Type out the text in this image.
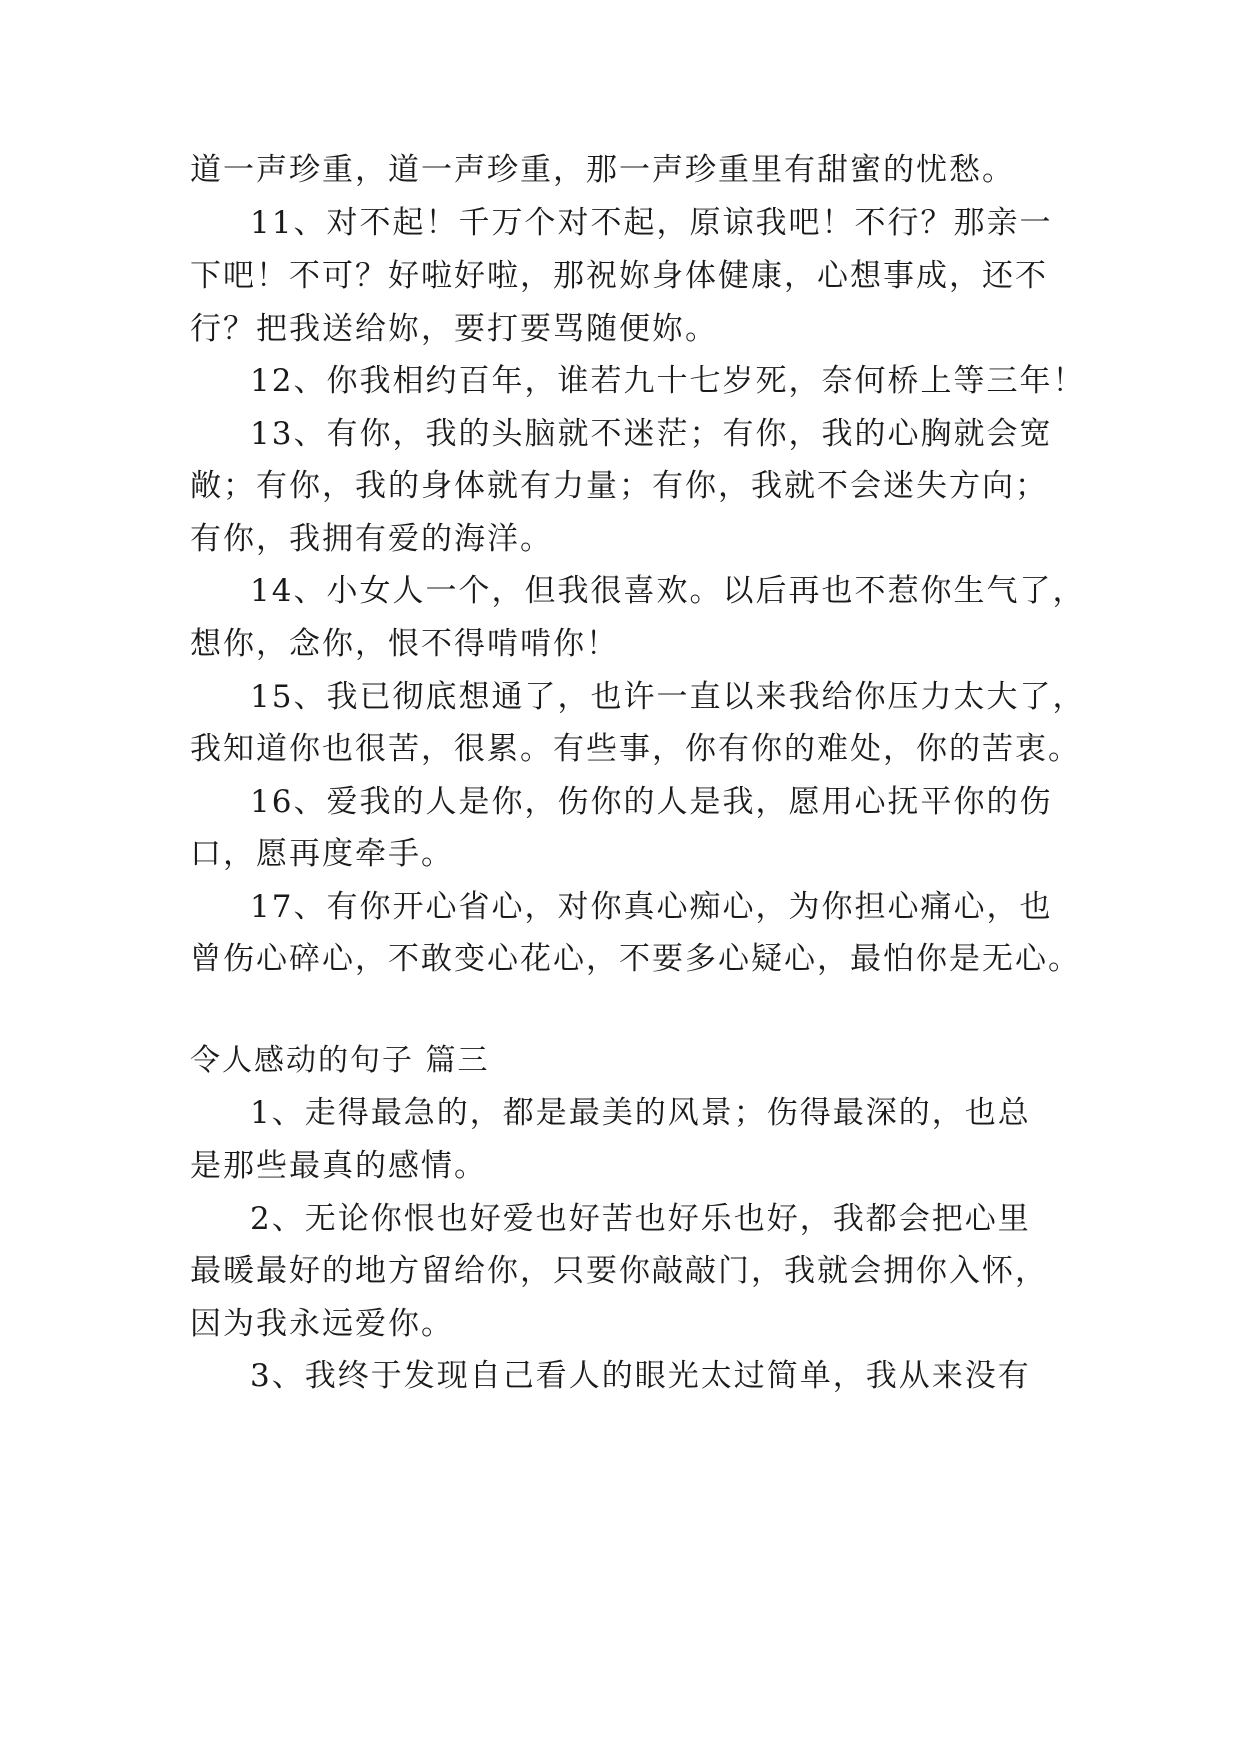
道一声珍重，道一声珍重，那一声珍重里有甜蜜的忧愁。
11、对不起！千万个对不起，原谅我吧！不行？那亲一
下吧！不可？好啦好啦，那祝妳身体健康，心想事成，还不
行？把我送给妳，要打要骂随便妳。
12、你我相约百年，谁若九十七岁死，奈何桥上等三年！
13、有你，我的头脑就不迷茫；有你，我的心胸就会宽
敞；有你，我的身体就有力量；有你，我就不会迷失方向；
有你，我拥有爱的海洋。
14、小女人一个，但我很喜欢。以后再也不惹你生气了，
想你，念你，恨不得啃啃你！
15、我已彻底想通了，也许一直以来我给你压力太大了，
我知道你也很苦，很累。有些事，你有你的难处，你的苦衷。
16、爱我的人是你，伤你的人是我，愿用心抚平你的伤
口，愿再度牵手。
17、有你开心省心，对你真心痴心，为你担心痛心，也
曾伤心碎心，不敢变心花心，不要多心疑心，最怕你是无心。
令人感动的句子 篇三
1、走得最急的，都是最美的风景；伤得最深的，也总
是那些最真的感情。
2、无论你恨也好爱也好苦也好乐也好，我都会把心里
最暖最好的地方留给你，只要你敲敲门，我就会拥你入怀，
因为我永远爱你。
3、我终于发现自己看人的眼光太过简单，我从来没有
